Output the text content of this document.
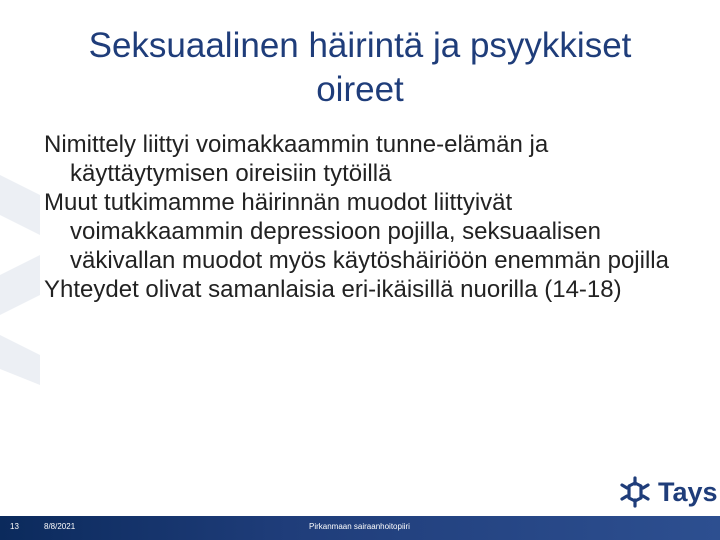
Seksuaalinen häirintä ja psyykkiset
oireet
Nimittely liittyi voimakkaammin tunne-elämän ja käyttäytymisen oireisiin tytöillä
Muut tutkimamme häirinnän muodot liittyivät voimakkaammin depressioon pojilla, seksuaalisen väkivallan muodot myös käytöshäiriöön enemmän pojilla
Yhteydet olivat samanlaisia eri-ikäisillä nuorilla (14-18)
Tays
13	8/8/2021	Pirkanmaan sairaanhoitopiiri
